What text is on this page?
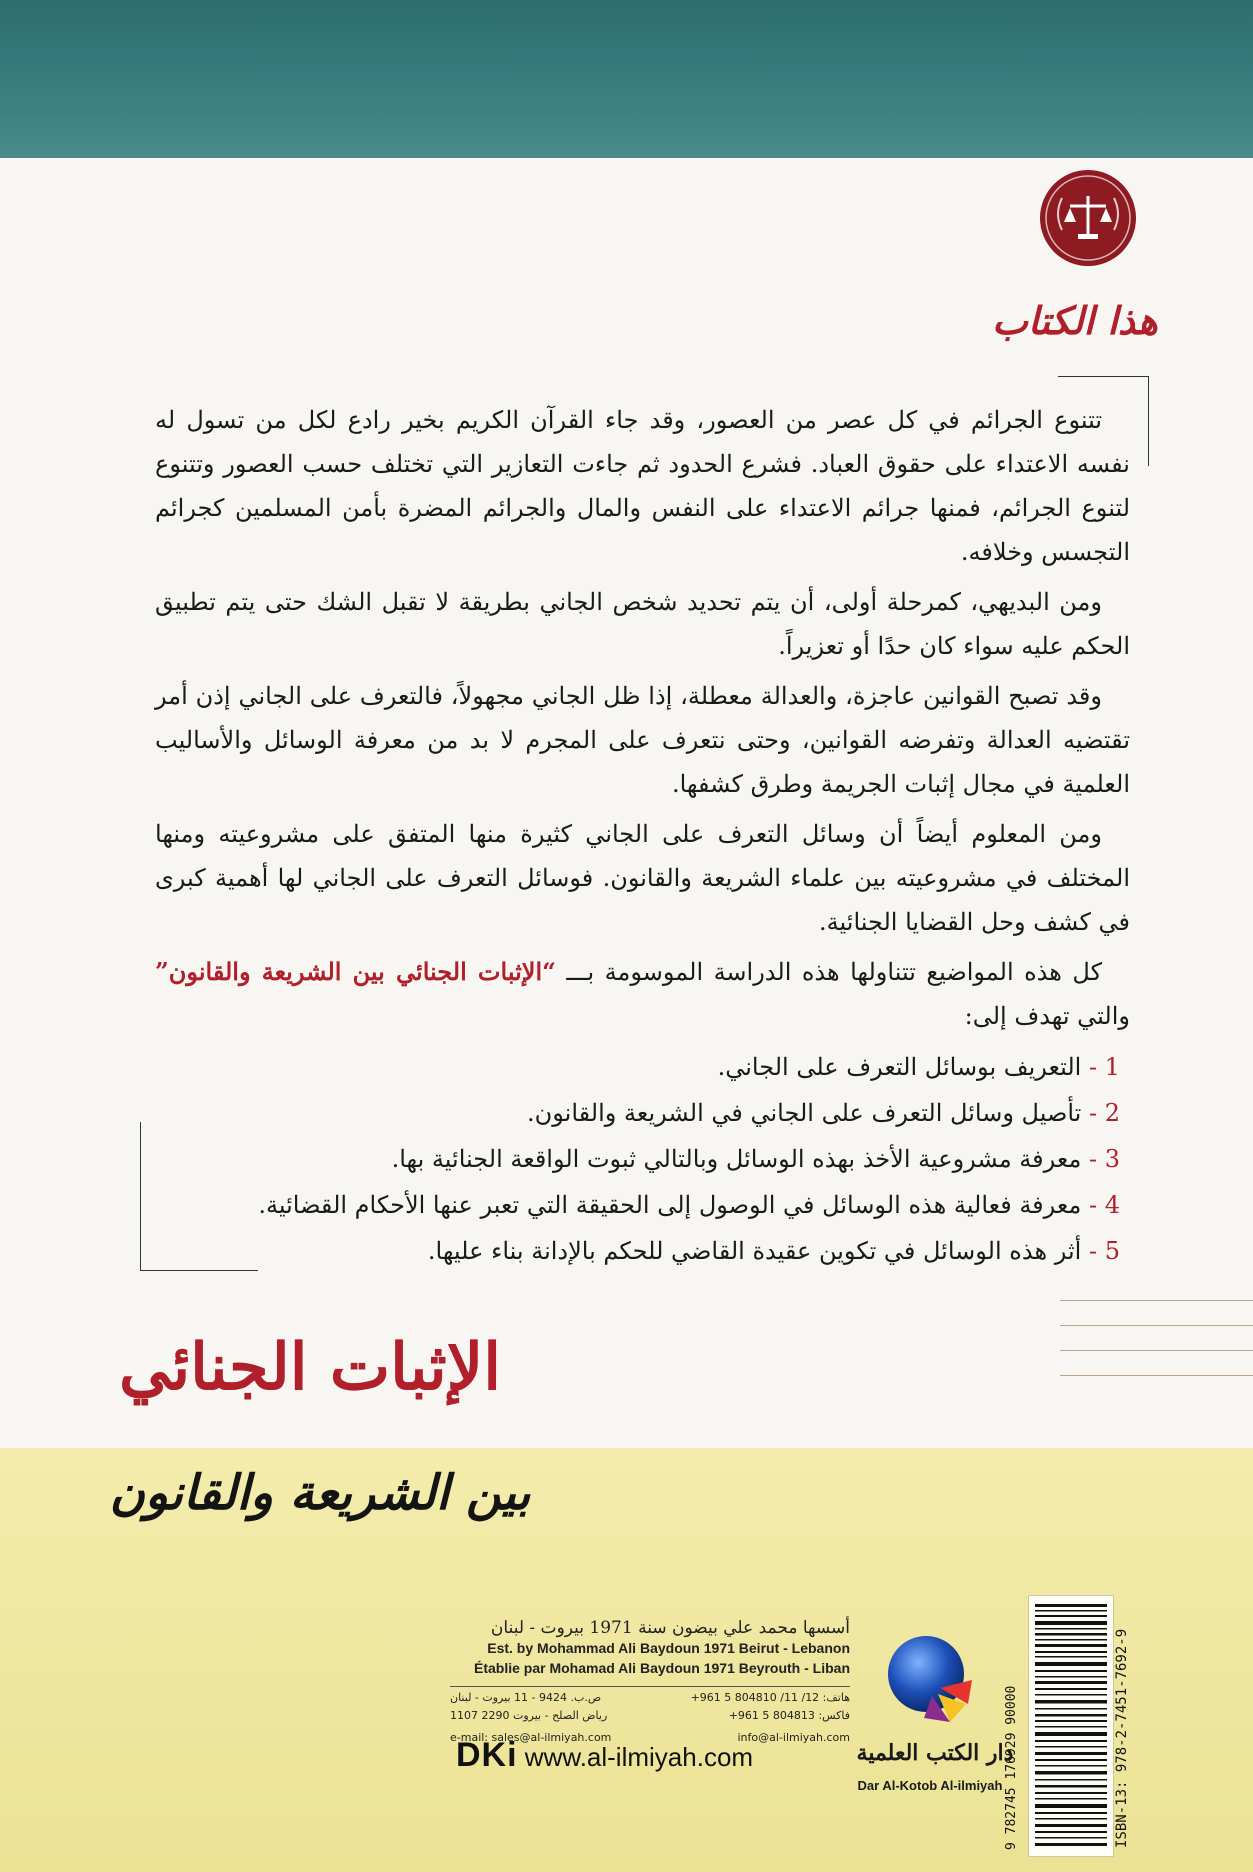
هذا الكتاب

تتنوع الجرائم في كل عصر من العصور، وقد جاء القرآن الكريم بخير رادع لكل من تسول له نفسه الاعتداء على حقوق العباد. فشرع الحدود ثم جاءت التعازير التي تختلف حسب العصور وتتنوع لتنوع الجرائم، فمنها جرائم الاعتداء على النفس والمال والجرائم المضرة بأمن المسلمين كجرائم التجسس وخلافه.

ومن البديهي، كمرحلة أولى، أن يتم تحديد شخص الجاني بطريقة لا تقبل الشك حتى يتم تطبيق الحكم عليه سواء كان حدًا أو تعزيراً.

وقد تصبح القوانين عاجزة، والعدالة معطلة، إذا ظل الجاني مجهولاً، فالتعرف على الجاني إذن أمر تقتضيه العدالة وتفرضه القوانين، وحتى نتعرف على المجرم لا بد من معرفة الوسائل والأساليب العلمية في مجال إثبات الجريمة وطرق كشفها.

ومن المعلوم أيضاً أن وسائل التعرف على الجاني كثيرة منها المتفق على مشروعيته ومنها المختلف في مشروعيته بين علماء الشريعة والقانون. فوسائل التعرف على الجاني لها أهمية كبرى في كشف وحل القضايا الجنائية.

كل هذه المواضيع تتناولها هذه الدراسة الموسومة بـــ “الإثبات الجنائي بين الشريعة والقانون” والتي تهدف إلى:

1 - التعريف بوسائل التعرف على الجاني.
2 - تأصيل وسائل التعرف على الجاني في الشريعة والقانون.
3 - معرفة مشروعية الأخذ بهذه الوسائل وبالتالي ثبوت الواقعة الجنائية بها.
4 - معرفة فعالية هذه الوسائل في الوصول إلى الحقيقة التي تعبر عنها الأحكام القضائية.
5 - أثر هذه الوسائل في تكوين عقيدة القاضي للحكم بالإدانة بناء عليها.
الإثبات الجنائي
بين الشريعة والقانون
ISBN-13: 978-2-7451-7692-9
9 782745 176929 90000
دار الكتب العلمية
Dar Al-Kotob Al-ilmiyah
أسسها محمد علي بيضون سنة 1971 بيروت - لبنان
Est. by Mohammad Ali Baydoun 1971 Beirut - Lebanon
Établie par Mohamad Ali Baydoun 1971 Beyrouth - Liban
هاتف: 12/ 11/ 804810 5 961+
فاكس: 804813 5 961+
ص.ب. 9424 - 11 بيروت - لبنان
رياض الصلح - بيروت 2290 1107
e-mail: sales@al-ilmiyah.com	info@al-ilmiyah.com
DKi www.al-ilmiyah.com
